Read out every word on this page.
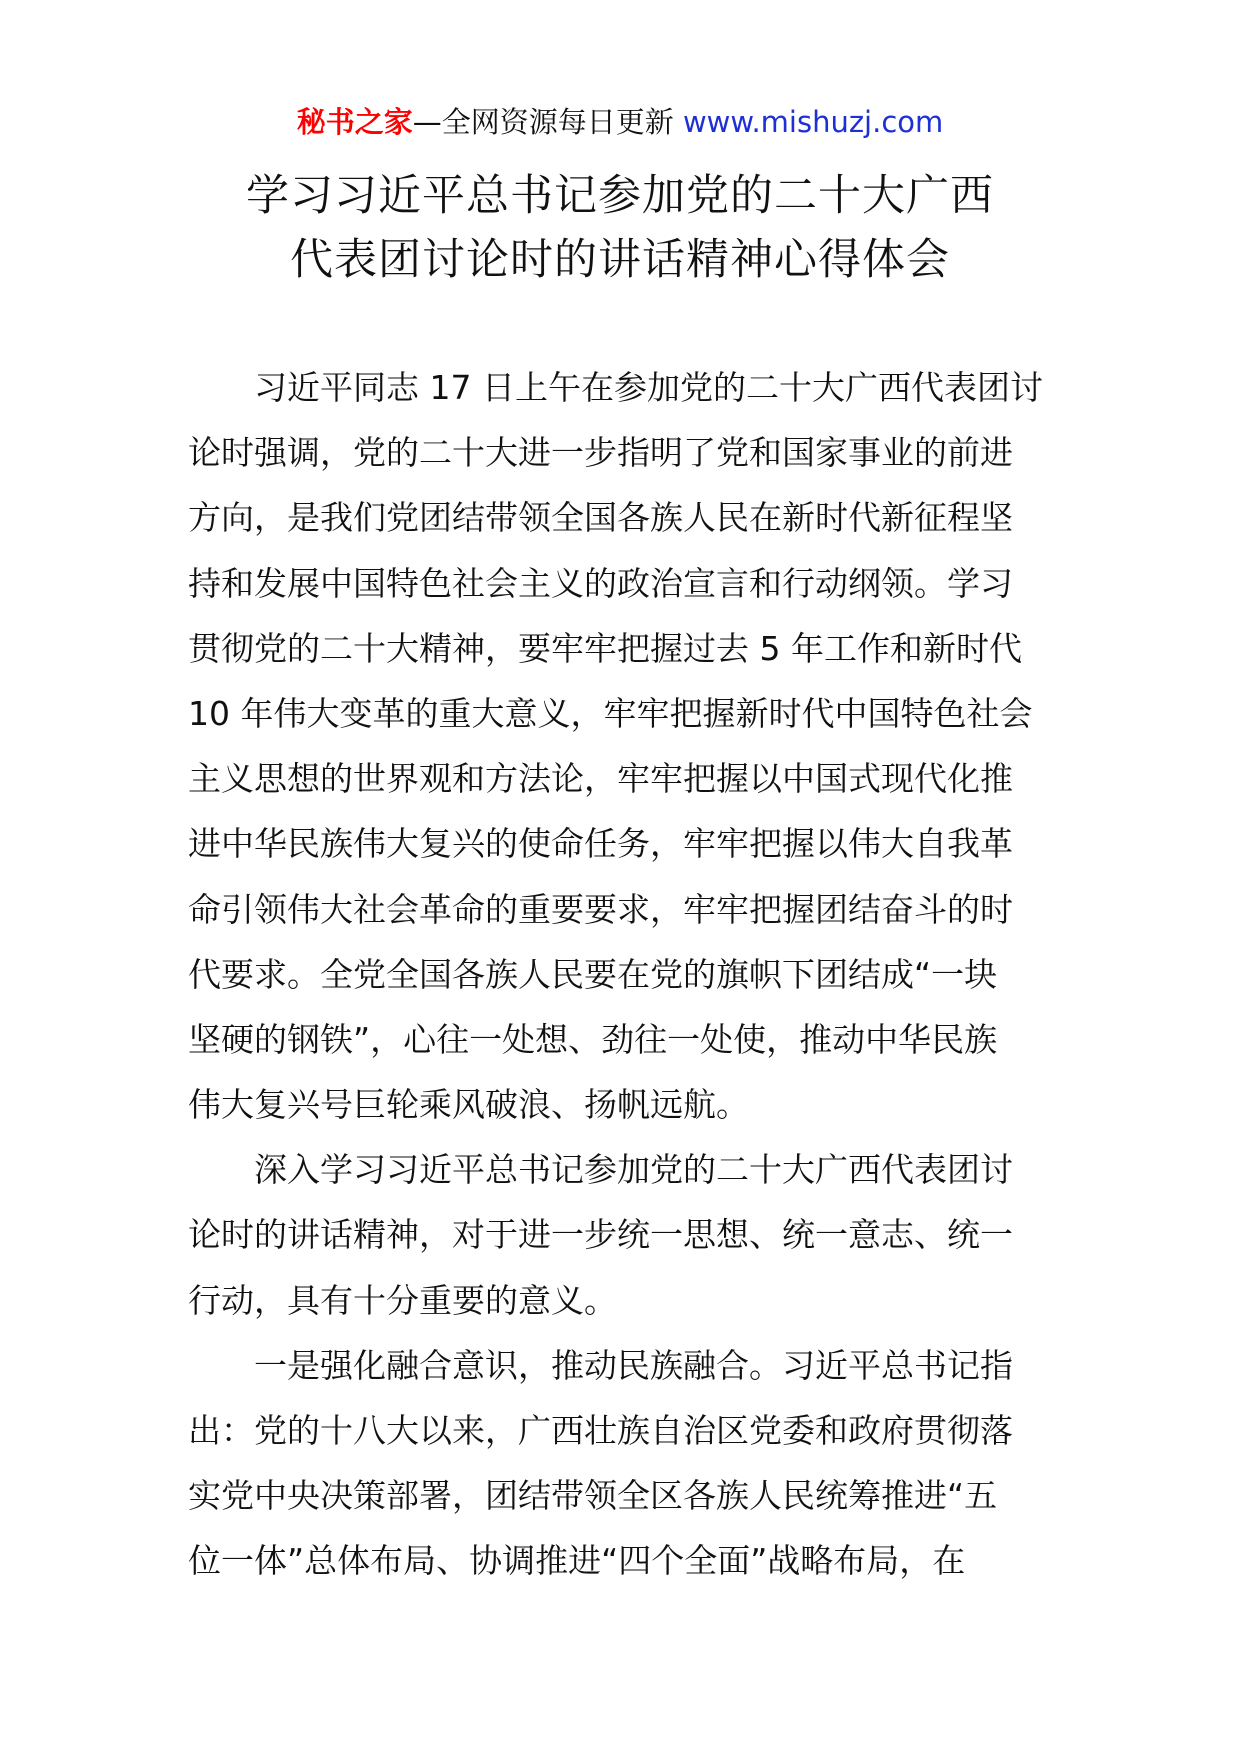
秘书之家—全网资源每日更新 www.mishuzj.com
学习习近平总书记参加党的二十大广西
代表团讨论时的讲话精神心得体会
习近平同志 17 日上午在参加党的二十大广西代表团讨
论时强调，党的二十大进一步指明了党和国家事业的前进
方向，是我们党团结带领全国各族人民在新时代新征程坚
持和发展中国特色社会主义的政治宣言和行动纲领。学习
贯彻党的二十大精神，要牢牢把握过去 5 年工作和新时代
10 年伟大变革的重大意义，牢牢把握新时代中国特色社会
主义思想的世界观和方法论，牢牢把握以中国式现代化推
进中华民族伟大复兴的使命任务，牢牢把握以伟大自我革
命引领伟大社会革命的重要要求，牢牢把握团结奋斗的时
代要求。全党全国各族人民要在党的旗帜下团结成“一块
坚硬的钢铁”，心往一处想、劲往一处使，推动中华民族
伟大复兴号巨轮乘风破浪、扬帆远航。
深入学习习近平总书记参加党的二十大广西代表团讨
论时的讲话精神，对于进一步统一思想、统一意志、统一
行动，具有十分重要的意义。
一是强化融合意识，推动民族融合。习近平总书记指
出：党的十八大以来，广西壮族自治区党委和政府贯彻落
实党中央决策部署，团结带领全区各族人民统筹推进“五
位一体”总体布局、协调推进“四个全面”战略布局，在
